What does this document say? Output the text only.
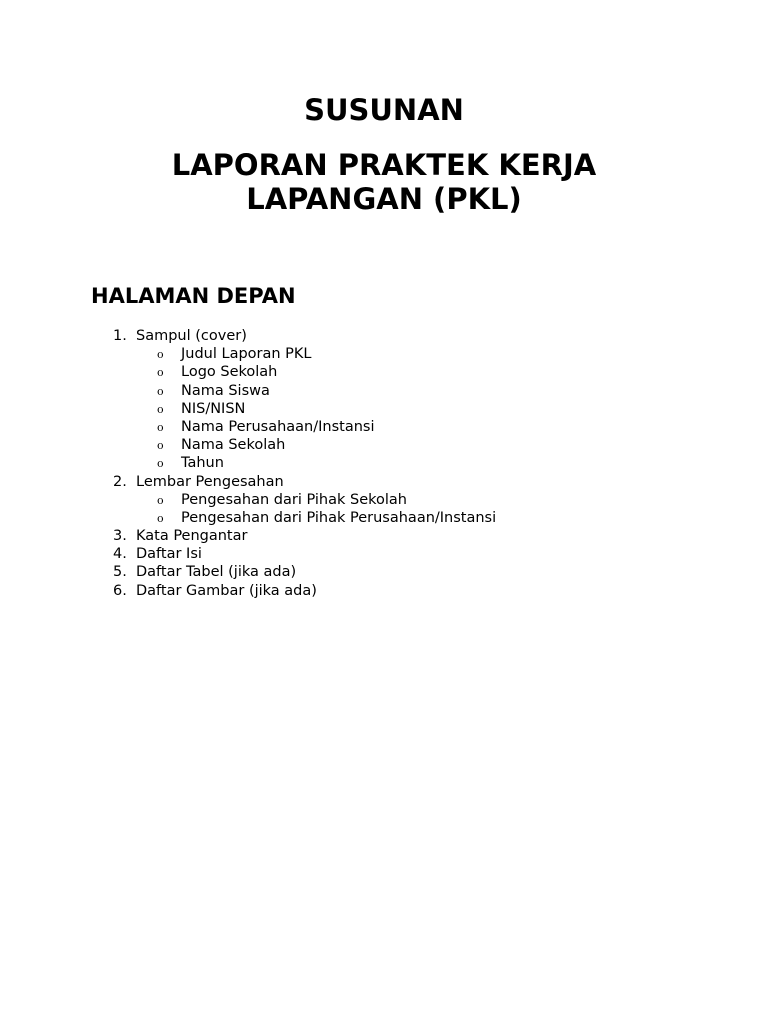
SUSUNAN
LAPORAN PRAKTEK KERJA
LAPANGAN (PKL)
HALAMAN DEPAN
1. Sampul (cover)
o Judul Laporan PKL
o Logo Sekolah
o Nama Siswa
o NIS/NISN
o Nama Perusahaan/Instansi
o Nama Sekolah
o Tahun
2. Lembar Pengesahan
o Pengesahan dari Pihak Sekolah
o Pengesahan dari Pihak Perusahaan/Instansi
3. Kata Pengantar
4. Daftar Isi
5. Daftar Tabel (jika ada)
6. Daftar Gambar (jika ada)
